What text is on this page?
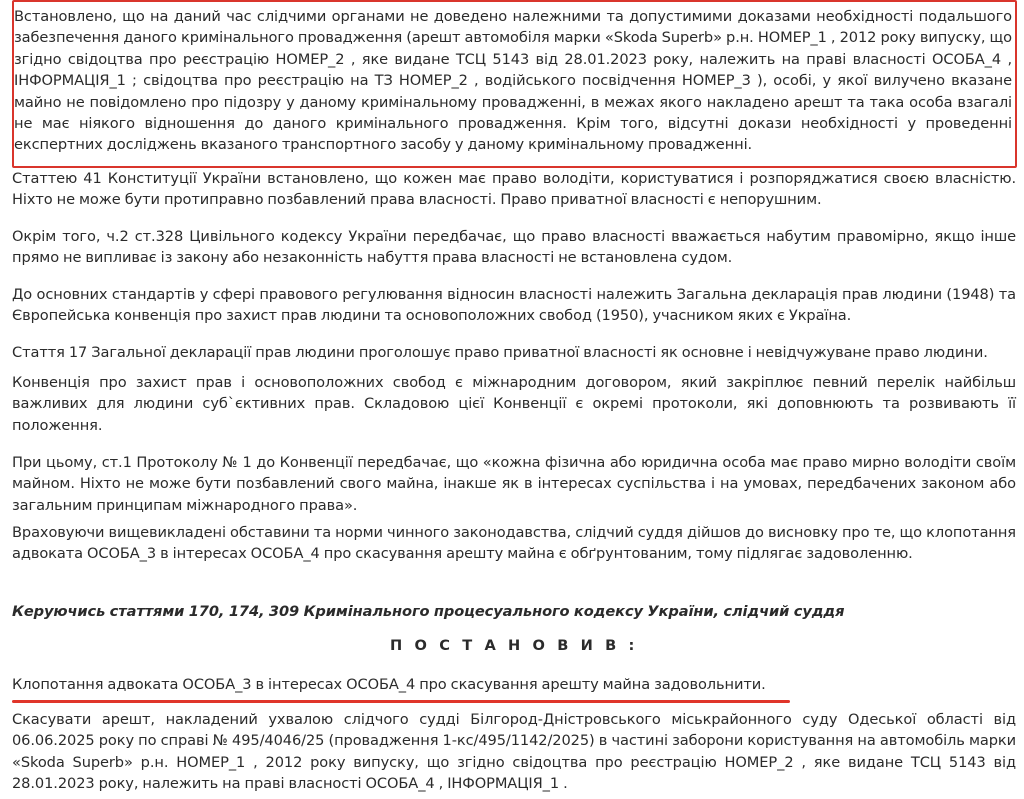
Встановлено, що на даний час слідчими органами не доведено належними та допустимими доказами необхідності подальшого забезпечення даного кримінального провадження (арешт автомобіля марки «Skoda Superb» р.н. НОМЕР_1 , 2012 року випуску, що згідно свідоцтва про реєстрацію НОМЕР_2 , яке видане ТСЦ 5143 від 28.01.2023 року, належить на праві власності ОСОБА_4 , ІНФОРМАЦІЯ_1 ; свідоцтва про реєстрацію на ТЗ НОМЕР_2 , водійського посвідчення НОМЕР_3 ), особі, у якої вилучено вказане майно не повідомлено про підозру у даному кримінальному провадженні, в межах якого накладено арешт та така особа взагалі не має ніякого відношення до даного кримінального провадження. Крім того, відсутні докази необхідності у проведенні експертних досліджень вказаного транспортного засобу у даному кримінальному провадженні.

Статтею 41 Конституції України встановлено, що кожен має право володіти, користуватися і розпоряджатися своєю власністю. Ніхто не може бути протиправно позбавлений права власності. Право приватної власності є непорушним.

Окрім того, ч.2 ст.328 Цивільного кодексу України передбачає, що право власності вважається набутим правомірно, якщо інше прямо не випливає із закону або незаконність набуття права власності не встановлена судом.

До основних стандартів у сфері правового регулювання відносин власності належить Загальна декларація прав людини (1948) та Європейська конвенція про захист прав людини та основоположних свобод (1950), учасником яких є Україна.

Стаття 17 Загальної декларації прав людини проголошує право приватної власності як основне і невідчужуване право людини.

Конвенція про захист прав і основоположних свобод є міжнародним договором, який закріплює певний перелік найбільш важливих для людини суб`єктивних прав. Складовою цієї Конвенції є окремі протоколи, які доповнюють та розвивають її положення.

При цьому, ст.1 Протоколу № 1 до Конвенції передбачає, що «кожна фізична або юридична особа має право мирно володіти своїм майном. Ніхто не може бути позбавлений свого майна, інакше як в інтересах суспільства і на умовах, передбачених законом або загальним принципам міжнародного права».

Враховуючи вищевикладені обставини та норми чинного законодавства, слідчий суддя дійшов до висновку про те, що клопотання адвоката ОСОБА_3 в інтересах ОСОБА_4 про скасування арешту майна є обґрунтованим, тому підлягає задоволенню.

Керуючись статтями 170, 174, 309 Кримінального процесуального кодексу України, слідчий суддя

П О С Т А Н О В И В :

Клопотання адвоката ОСОБА_3 в інтересах ОСОБА_4 про скасування арешту майна задовольнити.

Скасувати арешт, накладений ухвалою слідчого судді Білгород-Дністровського міськрайонного суду Одеської області від 06.06.2025 року по справі № 495/4046/25 (провадження 1-кс/495/1142/2025) в частині заборони користування на автомобіль марки «Skoda Superb» р.н. НОМЕР_1 , 2012 року випуску, що згідно свідоцтва про реєстрацію НОМЕР_2 , яке видане ТСЦ 5143 від 28.01.2023 року, належить на праві власності ОСОБА_4 , ІНФОРМАЦІЯ_1 .
